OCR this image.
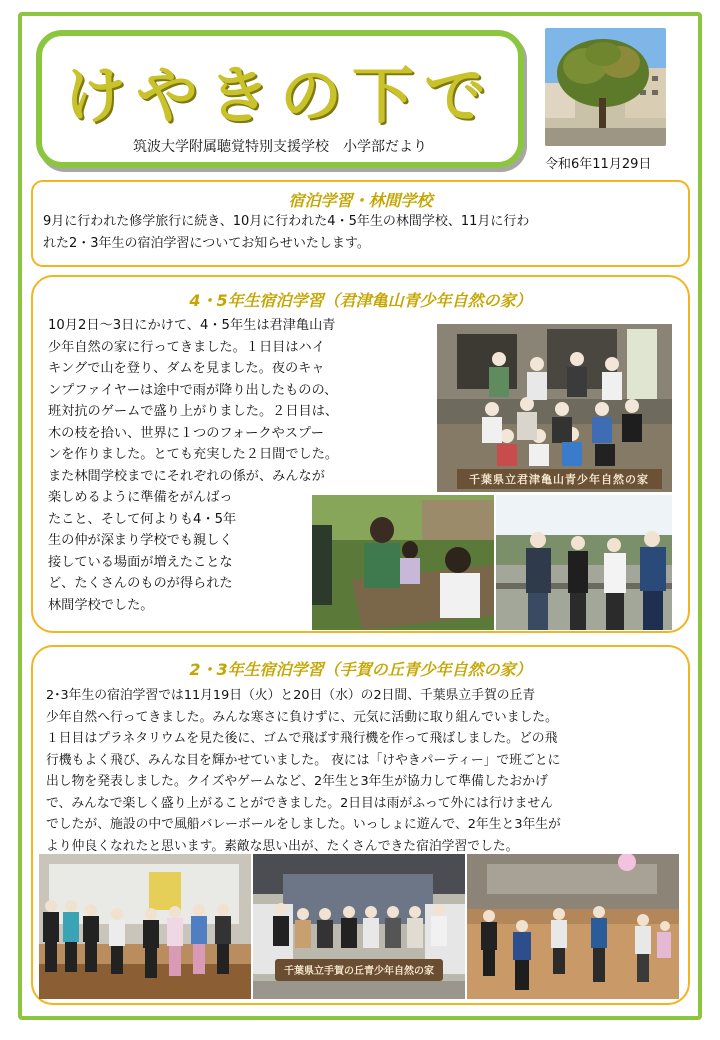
けやきの下で
筑波大学附属聴覚特別支援学校　小学部だより
令和6年11月29日
宿泊学習・林間学校
9月に行われた修学旅行に続き、10月に行われた4・5年生の林間学校、11月に行わ
れた2・3年生の宿泊学習についてお知らせいたします。
4・5年生宿泊学習（君津亀山青少年自然の家）
10月2日～3日にかけて、4・5年生は君津亀山青
少年自然の家に行ってきました。１日目はハイ
キングで山を登り、ダムを見ました。夜のキャ
ンプファイヤーは途中で雨が降り出したものの、
班対抗のゲームで盛り上がりました。２日目は、
木の枝を拾い、世界に１つのフォークやスプー
ンを作りました。とても充実した２日間でした。
また林間学校までにそれぞれの係が、みんなが
楽しめるように準備をがんばっ
たこと、そして何よりも4・5年
生の仲が深まり学校でも親しく
接している場面が増えたことな
ど、たくさんのものが得られた
林間学校でした。
千葉県立君津亀山青少年自然の家
2・3年生宿泊学習（手賀の丘青少年自然の家）
2･3年生の宿泊学習では11月19日（火）と20日（水）の2日間、千葉県立手賀の丘青
少年自然へ行ってきました。みんな寒さに負けずに、元気に活動に取り組んでいました。
１日目はプラネタリウムを見た後に、ゴムで飛ばす飛行機を作って飛ばしました。どの飛
行機もよく飛び、みんな目を輝かせていました。 夜には「けやきパーティー」で班ごとに
出し物を発表しました。クイズやゲームなど、2年生と3年生が協力して準備したおかげ
で、みんなで楽しく盛り上がることができました。2日目は雨がふって外には行けません
でしたが、施設の中で風船バレーボールをしました。いっしょに遊んで、2年生と3年生が
より仲良くなれたと思います。素敵な思い出が、たくさんできた宿泊学習でした。
千葉県立手賀の丘青少年自然の家
